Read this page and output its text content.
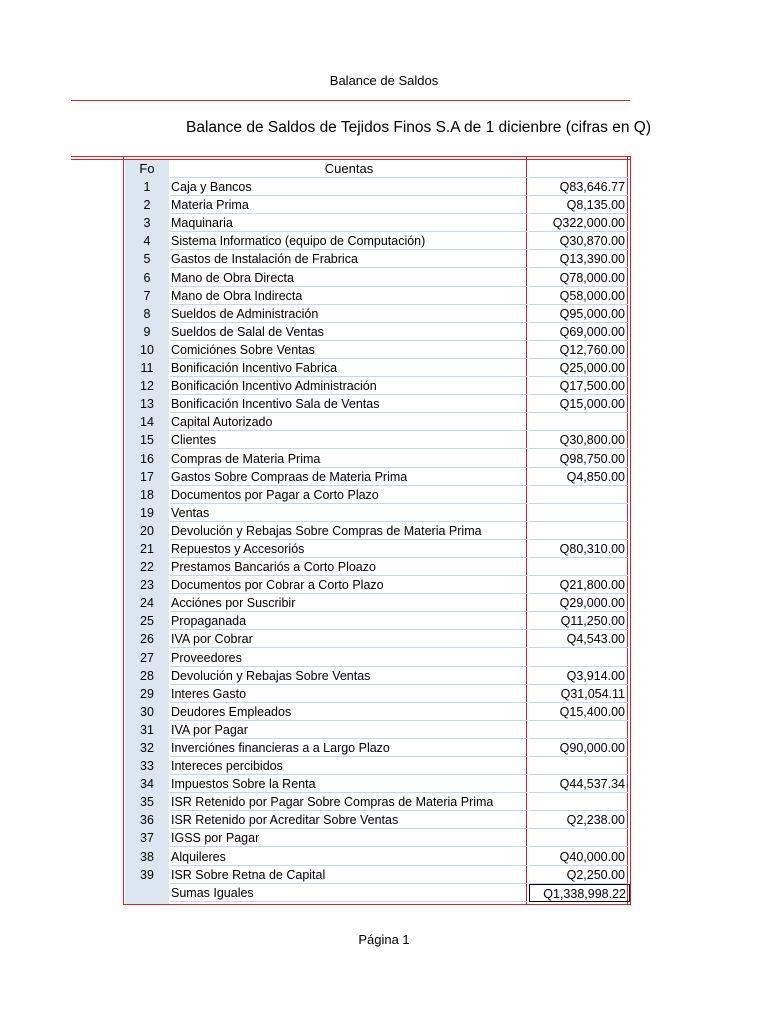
Balance de Saldos
Balance de Saldos de Tejidos Finos S.A de 1 dicienbre (cifras en Q)
Fo	Cuentas
1	Caja y Bancos	Q83,646.77
2	Materia Prima	Q8,135.00
3	Maquinaria	Q322,000.00
4	Sistema Informatico (equipo de Computación)	Q30,870.00
5	Gastos de Instalación de Frabrica	Q13,390.00
6	Mano de Obra Directa	Q78,000.00
7	Mano de Obra Indirecta	Q58,000.00
8	Sueldos de Administración	Q95,000.00
9	Sueldos de Salal de Ventas	Q69,000.00
10	Comiciónes Sobre Ventas	Q12,760.00
11	Bonificación Incentivo Fabrica	Q25,000.00
12	Bonificación Incentivo Administración	Q17,500.00
13	Bonificación Incentivo Sala de Ventas	Q15,000.00
14	Capital Autorizado
15	Clientes	Q30,800.00
16	Compras de Materia Prima	Q98,750.00
17	Gastos Sobre Compraas de Materia Prima	Q4,850.00
18	Documentos por Pagar a Corto Plazo
19	Ventas
20	Devolución y Rebajas Sobre Compras de Materia Prima
21	Repuestos y Accesoriós	Q80,310.00
22	Prestamos Bancariós a Corto Ploazo
23	Documentos por Cobrar a Corto Plazo	Q21,800.00
24	Acciónes por Suscribir	Q29,000.00
25	Propaganada	Q11,250.00
26	IVA por Cobrar	Q4,543.00
27	Proveedores
28	Devolución y Rebajas Sobre Ventas	Q3,914.00
29	Interes Gasto	Q31,054.11
30	Deudores Empleados	Q15,400.00
31	IVA por Pagar
32	Inverciónes financieras a a Largo Plazo	Q90,000.00
33	Intereces percibidos
34	Impuestos Sobre la Renta	Q44,537.34
35	ISR Retenido por Pagar Sobre Compras de Materia Prima
36	ISR Retenido por Acreditar Sobre Ventas	Q2,238.00
37	IGSS por Pagar
38	Alquileres	Q40,000.00
39	ISR Sobre Retna de Capital	Q2,250.00
Sumas Iguales	Q1,338,998.22
Página 1
